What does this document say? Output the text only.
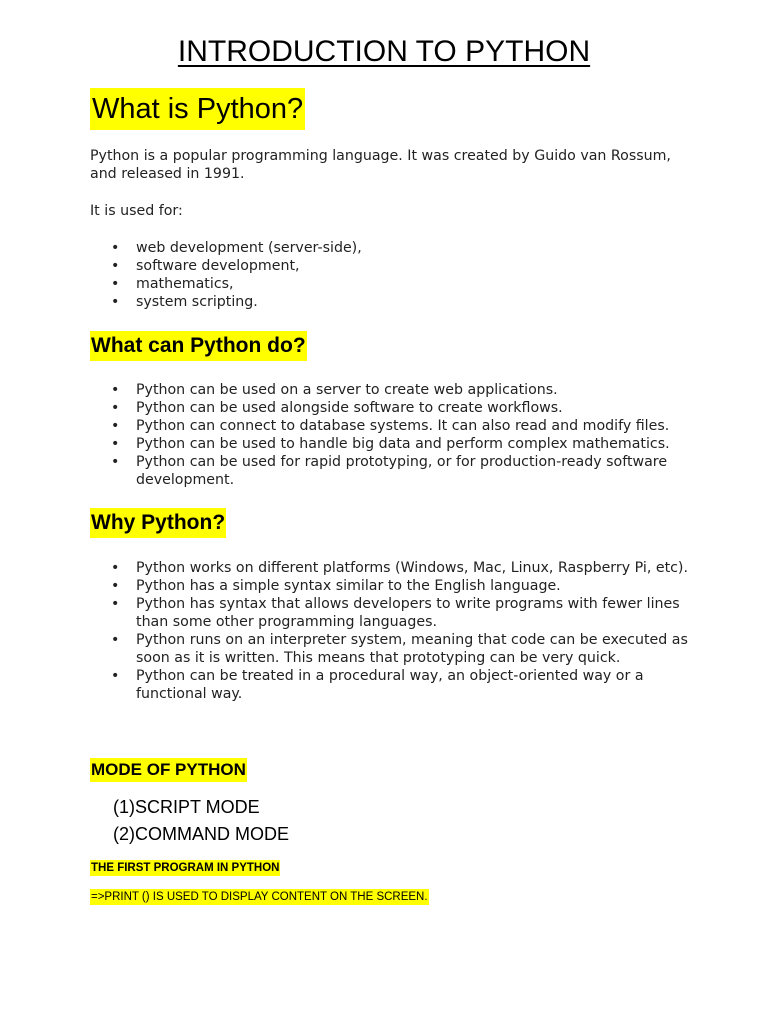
INTRODUCTION TO PYTHON
What is Python?

Python is a popular programming language. It was created by Guido van Rossum, and released in 1991.

It is used for:

• web development (server-side),
• software development,
• mathematics,
• system scripting.
What can Python do?
• Python can be used on a server to create web applications.
• Python can be used alongside software to create workflows.
• Python can connect to database systems. It can also read and modify files.
• Python can be used to handle big data and perform complex mathematics.
• Python can be used for rapid prototyping, or for production-ready software development.
Why Python?
• Python works on different platforms (Windows, Mac, Linux, Raspberry Pi, etc).
• Python has a simple syntax similar to the English language.
• Python has syntax that allows developers to write programs with fewer lines than some other programming languages.
• Python runs on an interpreter system, meaning that code can be executed as soon as it is written. This means that prototyping can be very quick.
• Python can be treated in a procedural way, an object-oriented way or a functional way.
MODE OF PYTHON
(1)SCRIPT MODE
(2)COMMAND MODE
THE FIRST PROGRAM IN PYTHON
=>PRINT () IS USED TO DISPLAY CONTENT ON THE SCREEN.
